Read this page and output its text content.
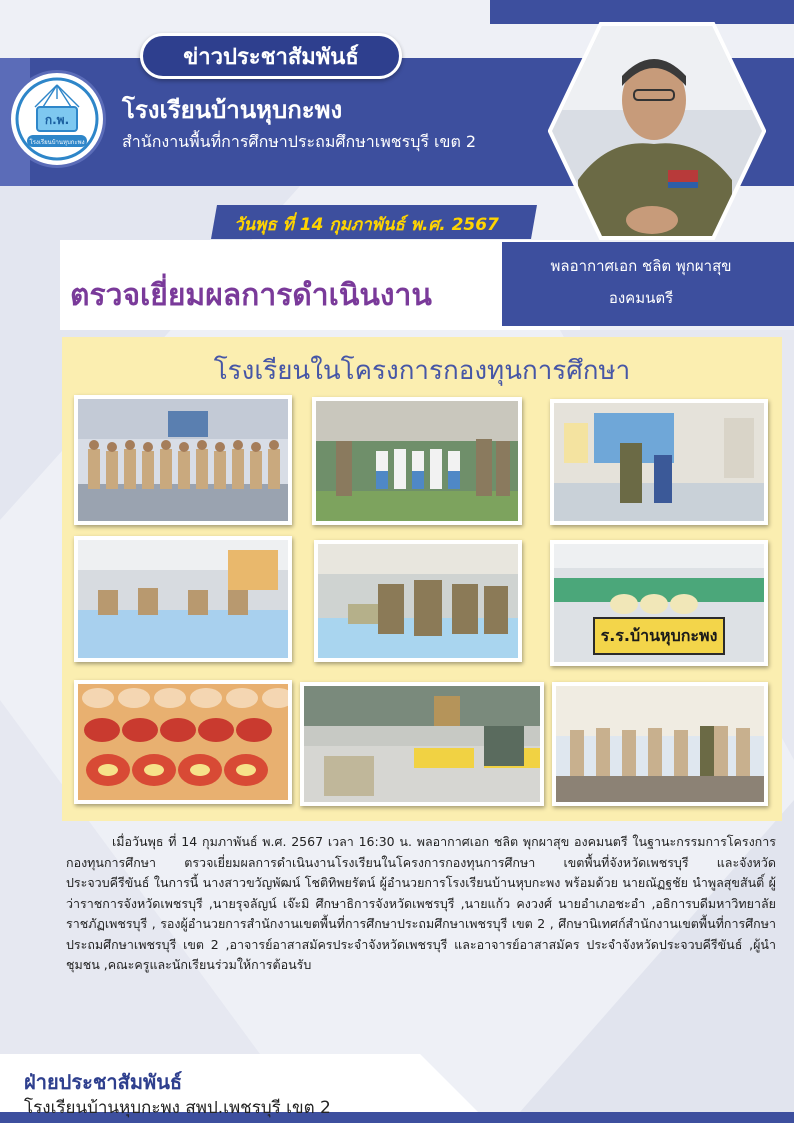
ข่าวประชาสัมพันธ์
ก.พ.
โรงเรียนบ้านหุบกะพง
โรงเรียนบ้านหุบกะพง
สำนักงานพื้นที่การศึกษาประถมศึกษาเพชรบุรี เขต 2
วันพุธ ที่ 14 กุมภาพันธ์ พ.ศ. 2567
ตรวจเยี่ยมผลการดำเนินงาน
พลอากาศเอก ชลิต พุกผาสุข
องคมนตรี
โรงเรียนในโครงการกองทุนการศึกษา
ร.ร.บ้านหุบกะพง
เมื่อวันพุธ ที่ 14 กุมภาพันธ์ พ.ศ. 2567 เวลา 16:30 น. พลอากาศเอก ชลิต พุกผาสุข องคมนตรี ในฐานะกรรมการโครงการกองทุนการศึกษา ตรวจเยี่ยมผลการดำเนินงานโรงเรียนในโครงการกองทุนการศึกษา เขตพื้นที่จังหวัดเพชรบุรี และจังหวัดประจวบคีรีขันธ์ ในการนี้ นางสาวขวัญพัฒน์ โชติทิพยรัตน์ ผู้อำนวยการโรงเรียนบ้านหุบกะพง พร้อมด้วย นายณัฏฐชัย นำพูลสุขสันติ์ ผู้ว่าราชการจังหวัดเพชรบุรี ,นายรุจลัญน์ เจ๊ะมิ ศึกษาธิการจังหวัดเพชรบุรี ,นายแก้ว คงวงศ์ นายอำเภอชะอำ ,อธิการบดีมหาวิทยาลัยราชภัฏเพชรบุรี , รองผู้อำนวยการสำนักงานเขตพื้นที่การศึกษาประถมศึกษาเพชรบุรี เขต 2 , ศึกษานิเทศก์สำนักงานเขตพื้นที่การศึกษาประถมศึกษาเพชรบุรี เขต 2 ,อาจารย์อาสาสมัครประจำจังหวัดเพชรบุรี และอาจารย์อาสาสมัคร ประจำจังหวัดประจวบคีรีขันธ์ ,ผู้นำชุมชน ,คณะครูและนักเรียนร่วมให้การต้อนรับ
ฝ่ายประชาสัมพันธ์
โรงเรียนบ้านหุบกะพง สพป.เพชรบุรี เขต 2
